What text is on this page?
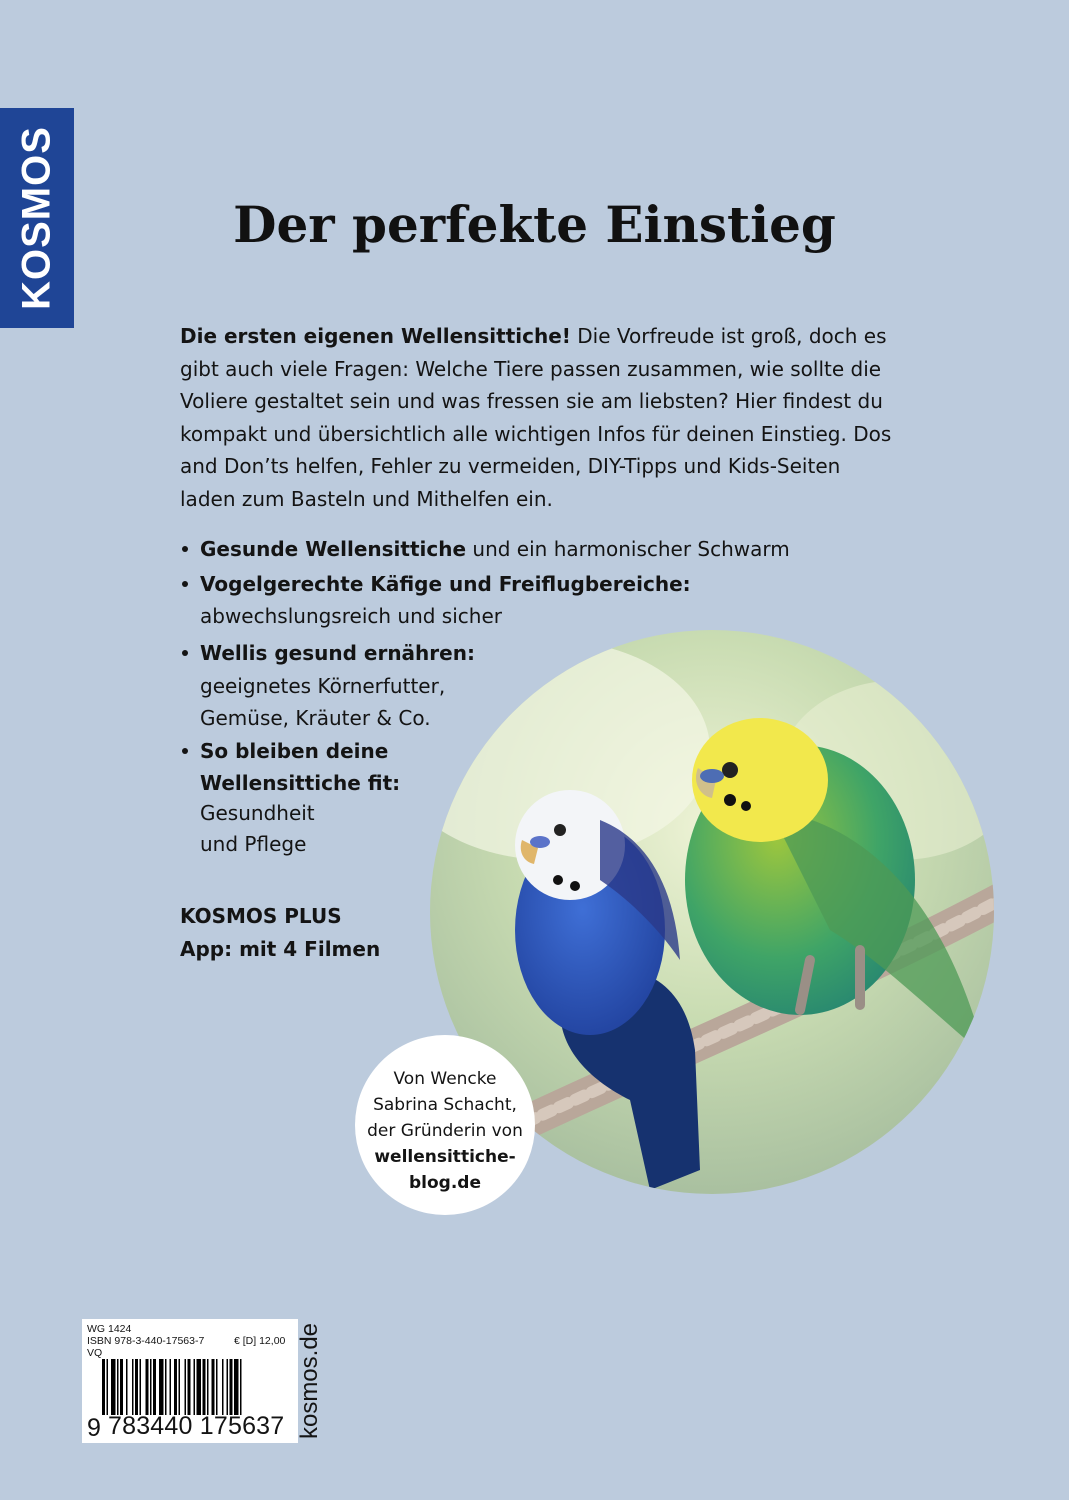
KOSMOS	Der perfekte Einstieg

Die ersten eigenen Wellensittiche! Die Vorfreude ist groß, doch es gibt auch viele Fragen: Welche Tiere passen zusammen, wie sollte die Voliere gestaltet sein und was fressen sie am liebsten? Hier findest du kompakt und übersichtlich alle wichtigen Infos für deinen Einstieg. Dos and Don’ts helfen, Fehler zu vermeiden, DIY-Tipps und Kids-Seiten laden zum Basteln und Mithelfen ein.

Gesunde Wellensittiche und ein harmonischer Schwarm
Vogelgerechte Käfige und Freiflugbereiche:
abwechslungsreich und sicher
Wellis gesund ernähren:
geeignetes Körnerfutter,
Gemüse, Kräuter & Co.
So bleiben deine
Wellensittiche fit:
Gesundheit
und Pflege
KOSMOS PLUS
App: mit 4 Filmen
Von Wencke
Sabrina Schacht,
der Gründerin von
wellensittiche-
blog.de
WG 1424
ISBN 978-3-440-17563-7	€ [D] 12,00
VQ
9 783440 175637 kosmos.de
